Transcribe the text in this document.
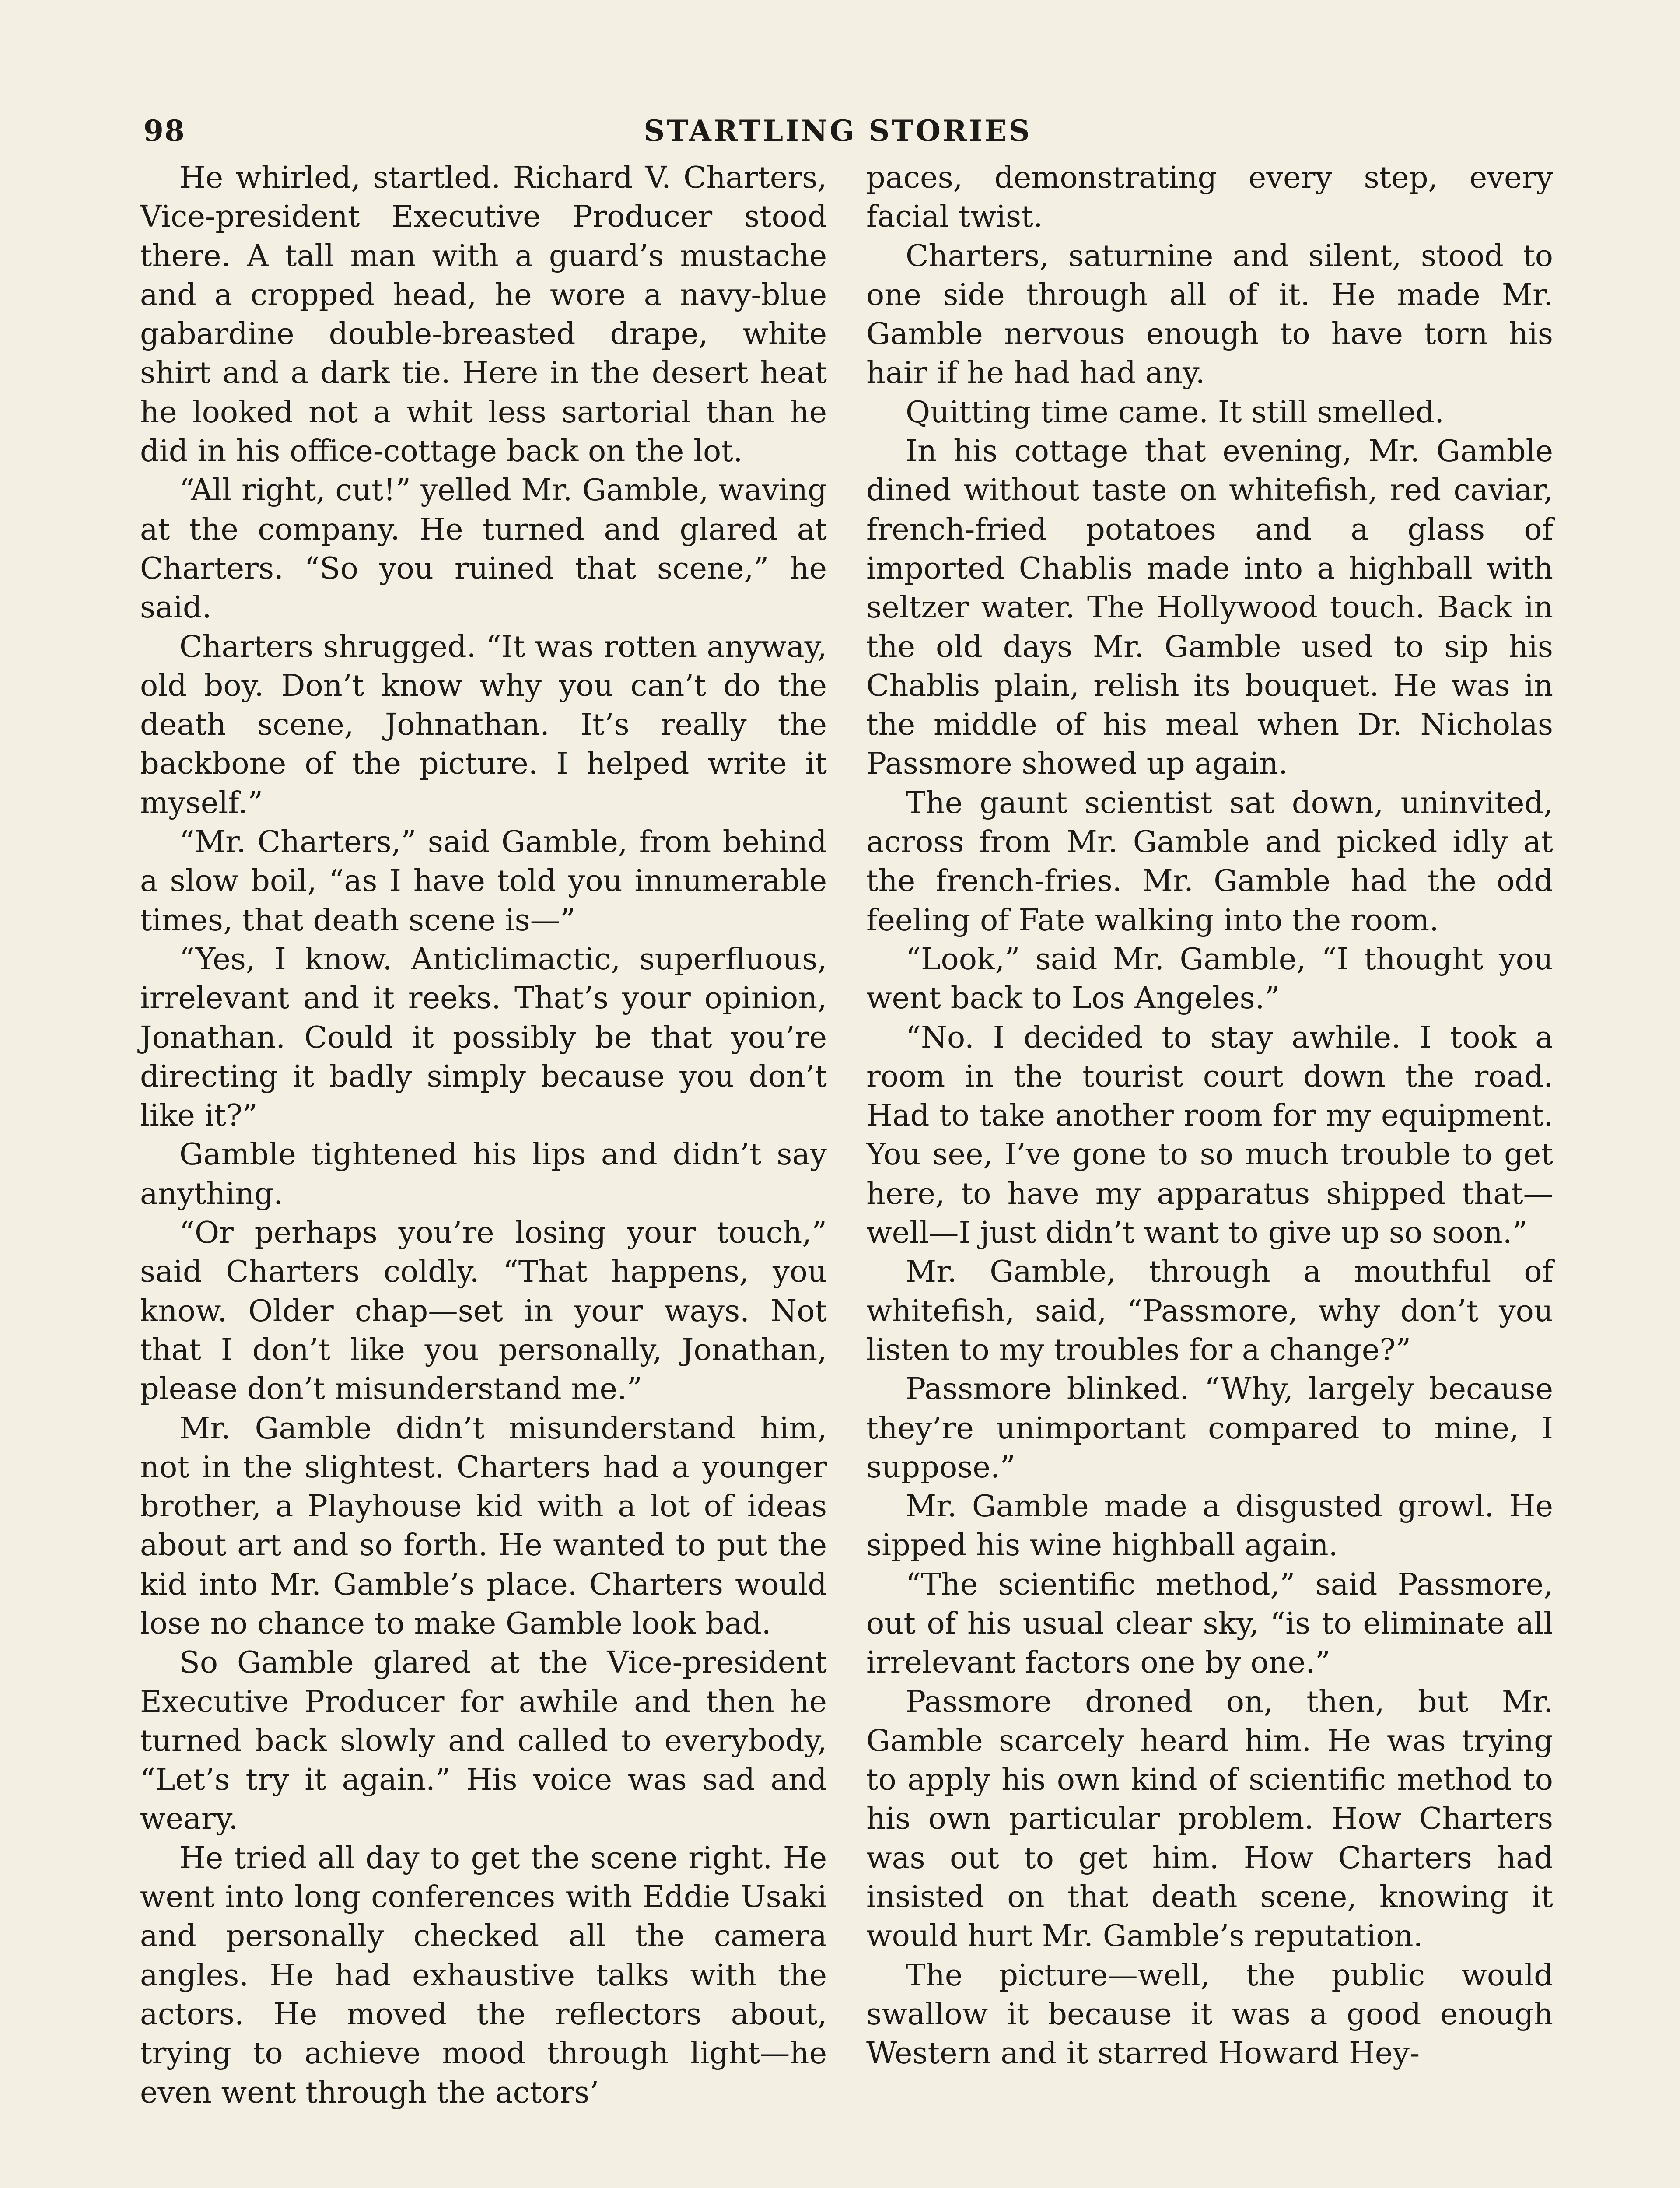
98	STARTLING STORIES

He whirled, startled. Richard V. Charters, Vice-president Executive Producer stood there. A tall man with a guard’s mustache and a cropped head, he wore a navy-blue gabardine double-breasted drape, white shirt and a dark tie. Here in the desert heat he looked not a whit less sartorial than he did in his office-cottage back on the lot.

“All right, cut!” yelled Mr. Gamble, waving at the company. He turned and glared at Charters. “So you ruined that scene,” he said.

Charters shrugged. “It was rotten anyway, old boy. Don’t know why you can’t do the death scene, Johnathan. It’s really the backbone of the picture. I helped write it myself.”

“Mr. Charters,” said Gamble, from behind a slow boil, “as I have told you innumerable times, that death scene is—”

“Yes, I know. Anticlimactic, superfluous, irrelevant and it reeks. That’s your opinion, Jonathan. Could it possibly be that you’re directing it badly simply because you don’t like it?”

Gamble tightened his lips and didn’t say anything.

“Or perhaps you’re losing your touch,” said Charters coldly. “That happens, you know. Older chap—set in your ways. Not that I don’t like you personally, Jonathan, please don’t misunderstand me.”

Mr. Gamble didn’t misunderstand him, not in the slightest. Charters had a younger brother, a Playhouse kid with a lot of ideas about art and so forth. He wanted to put the kid into Mr. Gamble’s place. Charters would lose no chance to make Gamble look bad.

So Gamble glared at the Vice-president Executive Producer for awhile and then he turned back slowly and called to everybody, “Let’s try it again.” His voice was sad and weary.

He tried all day to get the scene right. He went into long conferences with Eddie Usaki and personally checked all the camera angles. He had exhaustive talks with the actors. He moved the reflectors about, trying to achieve mood through light—he even went through the actors’

paces, demonstrating every step, every facial twist.

Charters, saturnine and silent, stood to one side through all of it. He made Mr. Gamble nervous enough to have torn his hair if he had had any.

Quitting time came. It still smelled.

In his cottage that evening, Mr. Gamble dined without taste on whitefish, red caviar, french-fried potatoes and a glass of imported Chablis made into a highball with seltzer water. The Hollywood touch. Back in the old days Mr. Gamble used to sip his Chablis plain, relish its bouquet. He was in the middle of his meal when Dr. Nicholas Passmore showed up again.

The gaunt scientist sat down, uninvited, across from Mr. Gamble and picked idly at the french-fries. Mr. Gamble had the odd feeling of Fate walking into the room.

“Look,” said Mr. Gamble, “I thought you went back to Los Angeles.”

“No. I decided to stay awhile. I took a room in the tourist court down the road. Had to take another room for my equipment. You see, I’ve gone to so much trouble to get here, to have my apparatus shipped that—well—I just didn’t want to give up so soon.”

Mr. Gamble, through a mouthful of whitefish, said, “Passmore, why don’t you listen to my troubles for a change?”

Passmore blinked. “Why, largely because they’re unimportant compared to mine, I suppose.”

Mr. Gamble made a disgusted growl. He sipped his wine highball again.

“The scientific method,” said Passmore, out of his usual clear sky, “is to eliminate all irrelevant factors one by one.”

Passmore droned on, then, but Mr. Gamble scarcely heard him. He was trying to apply his own kind of scientific method to his own particular problem. How Charters was out to get him. How Charters had insisted on that death scene, knowing it would hurt Mr. Gamble’s reputation.

The picture—well, the public would swallow it because it was a good enough Western and it starred Howard Hey-
